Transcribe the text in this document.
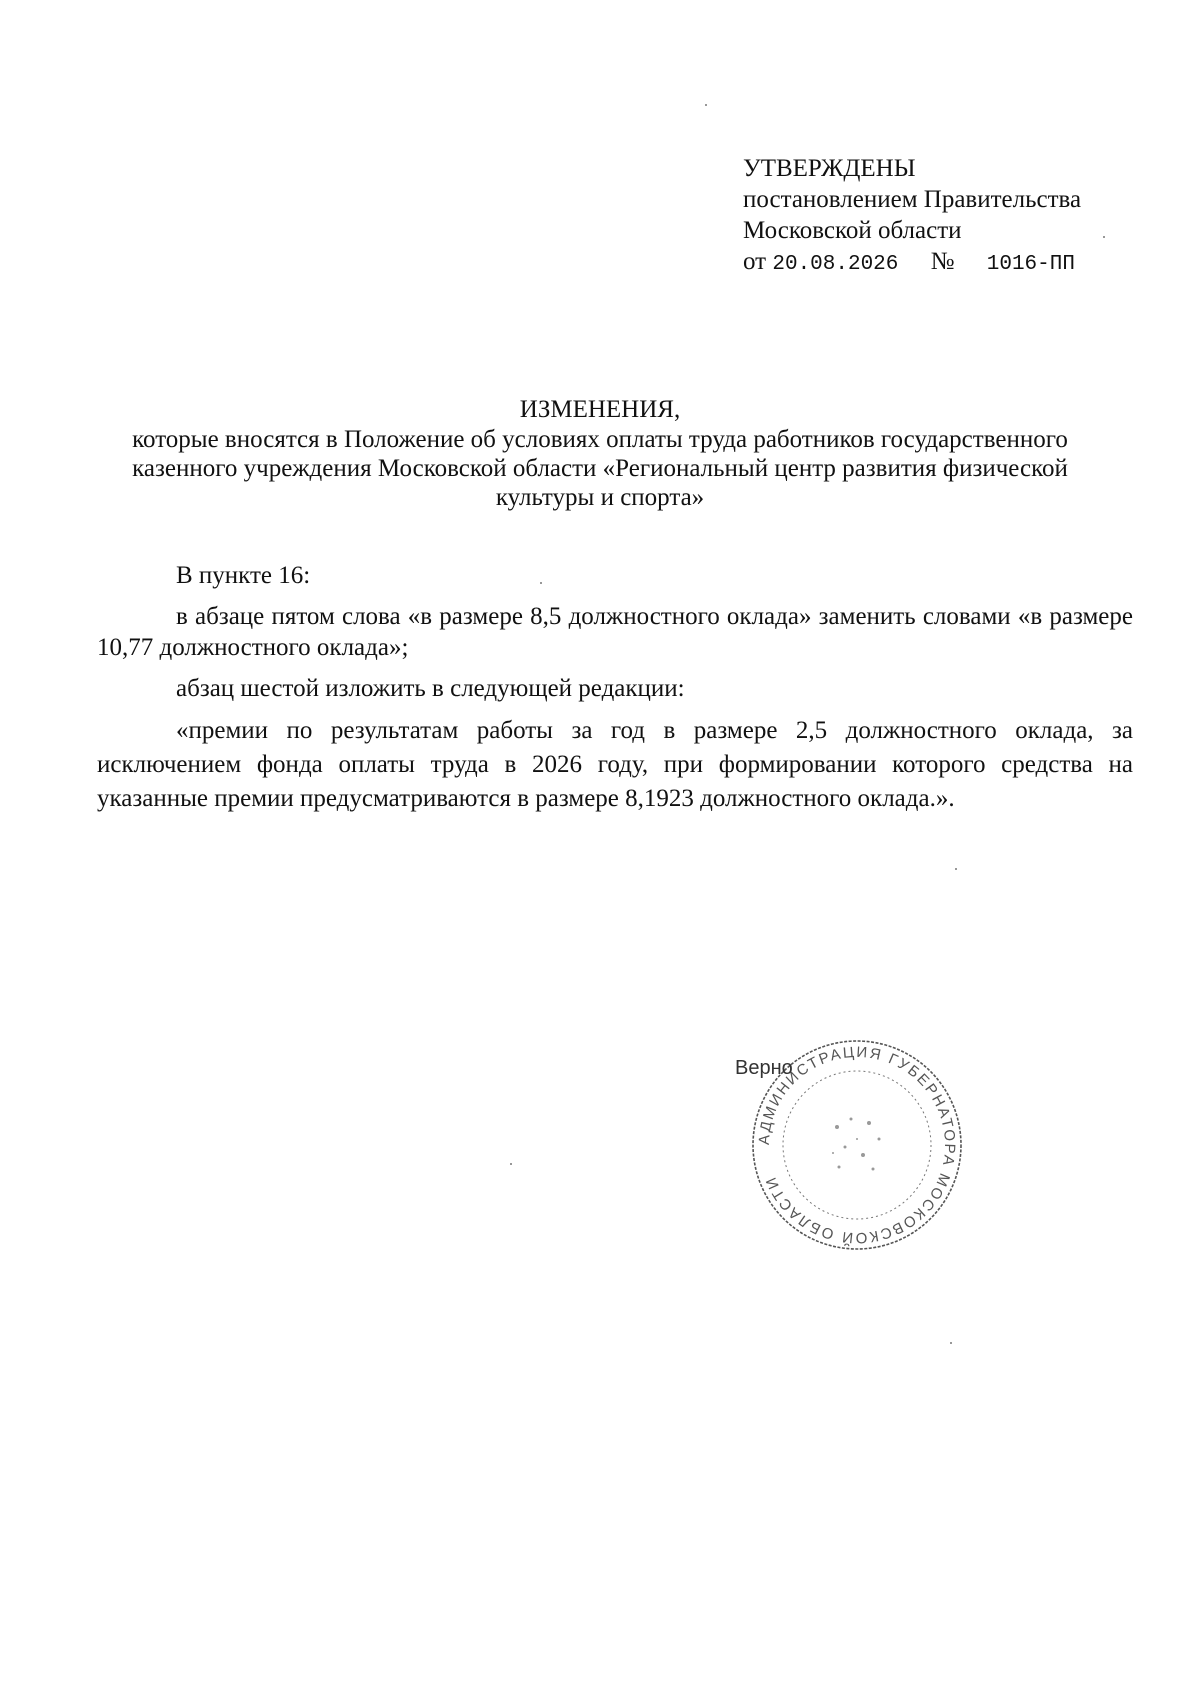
УТВЕРЖДЕНЫ
постановлением Правительства
Московской области
от 20.08.2026 № 1016-ПП
ИЗМЕНЕНИЯ,
которые вносятся в Положение об условиях оплаты труда работников государственного казенного учреждения Московской области «Региональный центр развития физической культуры и спорта»

В пункте 16:

в абзаце пятом слова «в размере 8,5 должностного оклада» заменить словами «в размере 10,77 должностного оклада»;

абзац шестой изложить в следующей редакции:

«премии по результатам работы за год в размере 2,5 должностного оклада, за исключением фонда оплаты труда в 2026 году, при формировании которого средства на указанные премии предусматриваются в размере 8,1923 должностного оклада.».

АДМИНИСТРАЦИЯ ГУБЕРНАТОРА МОСКОВСКОЙ ОБЛАСТИ
Верно
